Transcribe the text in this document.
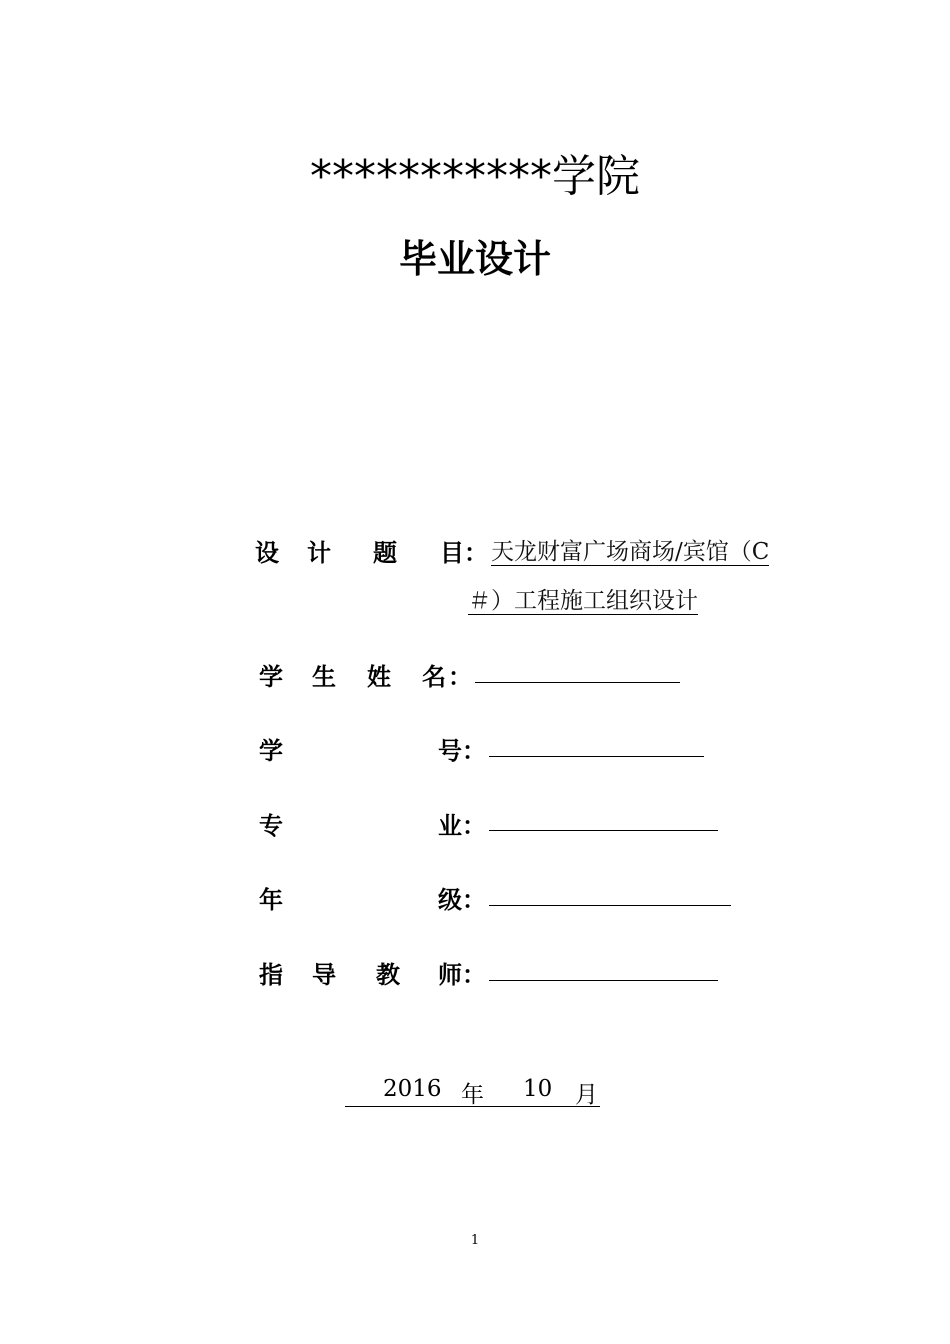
***********学院
毕业设计
设 计 题 目 ： 天龙财富广场商场/宾馆（C
＃）工程施工组织设计
学 生 姓 名 ：
学	号 ：
专	业 ：
年	级 ：
指 导 教 师 ：
2016 年 10 月
1
